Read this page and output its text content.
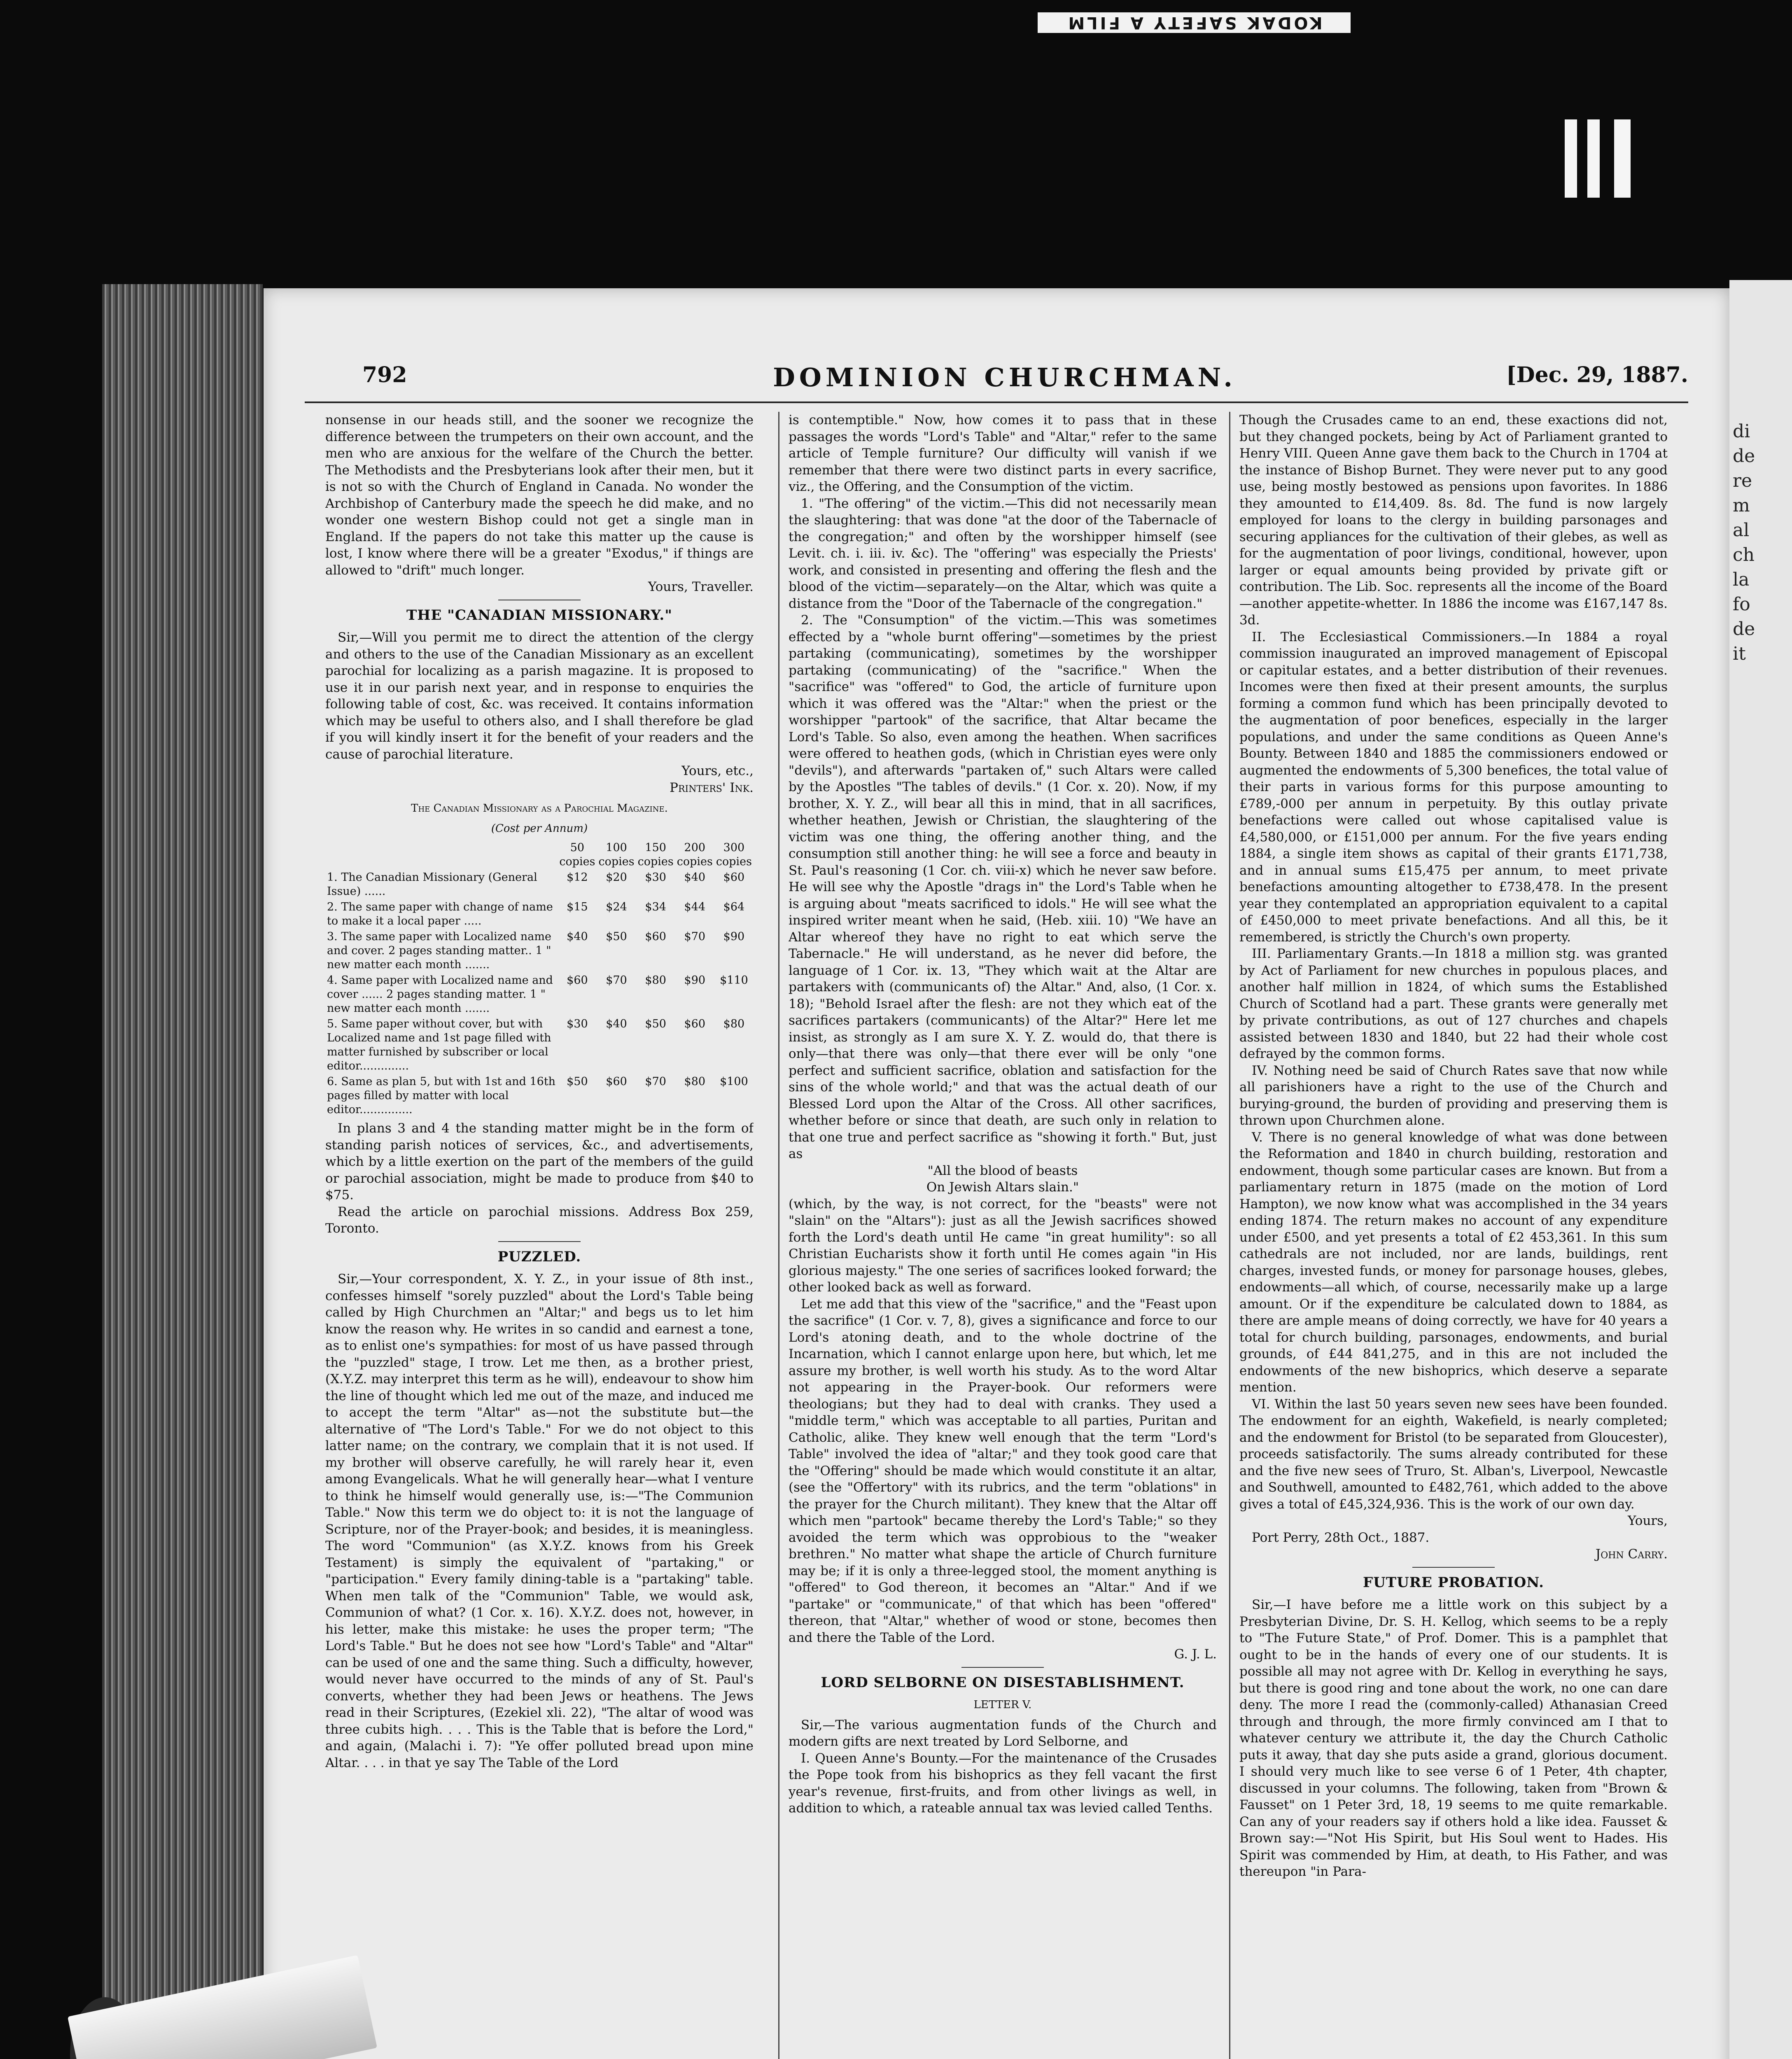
KODAK SAFETY A FILM
di
de
re
m
al
ch
la
fo
de
it
792	DOMINION CHURCHMAN.	[Dec. 29, 1887.

nonsense in our heads still, and the sooner we recognize the difference between the trumpeters on their own account, and the men who are anxious for the welfare of the Church the better. The Methodists and the Presbyterians look after their men, but it is not so with the Church of England in Canada. No wonder the Archbishop of Canterbury made the speech he did make, and no wonder one western Bishop could not get a single man in England. If the papers do not take this matter up the cause is lost, I know where there will be a greater "Exodus," if things are allowed to "drift" much longer.

Yours, Traveller.

THE "CANADIAN MISSIONARY."

Sir,—Will you permit me to direct the attention of the clergy and others to the use of the Canadian Missionary as an excellent parochial for localizing as a parish magazine. It is proposed to use it in our parish next year, and in response to enquiries the following table of cost, &c. was received. It contains information which may be useful to others also, and I shall therefore be glad if you will kindly insert it for the benefit of your readers and the cause of parochial literature.

Yours, etc.,

Printers' Ink.

The Canadian Missionary as a Parochial Magazine.

(Cost per Annum)

	50 copies	100 copies	150 copies	200 copies	300 copies
1. The Canadian Missionary (General Issue) ......	$12	$20	$30	$40	$60
2. The same paper with change of name to make it a local paper .....	$15	$24	$34	$44	$64
3. The same paper with Localized name and cover. 2 pages standing matter.. 1 " new matter each month .......	$40	$50	$60	$70	$90
4. Same paper with Localized name and cover ...... 2 pages standing matter. 1 " new matter each month .......	$60	$70	$80	$90	$110
5. Same paper without cover, but with Localized name and 1st page filled with matter furnished by subscriber or local editor..............	$30	$40	$50	$60	$80
6. Same as plan 5, but with 1st and 16th pages filled by matter with local editor...............	$50	$60	$70	$80	$100

In plans 3 and 4 the standing matter might be in the form of standing parish notices of services, &c., and advertisements, which by a little exertion on the part of the members of the guild or parochial association, might be made to produce from $40 to $75.

Read the article on parochial missions. Address Box 259, Toronto.

PUZZLED.

Sir,—Your correspondent, X. Y. Z., in your issue of 8th inst., confesses himself "sorely puzzled" about the Lord's Table being called by High Churchmen an "Altar;" and begs us to let him know the reason why. He writes in so candid and earnest a tone, as to enlist one's sympathies: for most of us have passed through the "puzzled" stage, I trow. Let me then, as a brother priest, (X.Y.Z. may interpret this term as he will), endeavour to show him the line of thought which led me out of the maze, and induced me to accept the term "Altar" as—not the substitute but—the alternative of "The Lord's Table." For we do not object to this latter name; on the contrary, we complain that it is not used. If my brother will observe carefully, he will rarely hear it, even among Evangelicals. What he will generally hear—what I venture to think he himself would generally use, is:—"The Communion Table." Now this term we do object to: it is not the language of Scripture, nor of the Prayer-book; and besides, it is meaningless. The word "Communion" (as X.Y.Z. knows from his Greek Testament) is simply the equivalent of "partaking," or "participation." Every family dining-table is a "partaking" table. When men talk of the "Communion" Table, we would ask, Communion of what? (1 Cor. x. 16). X.Y.Z. does not, however, in his letter, make this mistake: he uses the proper term; "The Lord's Table." But he does not see how "Lord's Table" and "Altar" can be used of one and the same thing. Such a difficulty, however, would never have occurred to the minds of any of St. Paul's converts, whether they had been Jews or heathens. The Jews read in their Scriptures, (Ezekiel xli. 22), "The altar of wood was three cubits high. . . . This is the Table that is before the Lord," and again, (Malachi i. 7): "Ye offer polluted bread upon mine Altar. . . . in that ye say The Table of the Lord

is contemptible." Now, how comes it to pass that in these passages the words "Lord's Table" and "Altar," refer to the same article of Temple furniture? Our difficulty will vanish if we remember that there were two distinct parts in every sacrifice, viz., the Offering, and the Consumption of the victim.

1. "The offering" of the victim.—This did not necessarily mean the slaughtering: that was done "at the door of the Tabernacle of the congregation;" and often by the worshipper himself (see Levit. ch. i. iii. iv. &c). The "offering" was especially the Priests' work, and consisted in presenting and offering the flesh and the blood of the victim—separately—on the Altar, which was quite a distance from the "Door of the Tabernacle of the congregation."

2. The "Consumption" of the victim.—This was sometimes effected by a "whole burnt offering"—sometimes by the priest partaking (communicating), sometimes by the worshipper partaking (communicating) of the "sacrifice." When the "sacrifice" was "offered" to God, the article of furniture upon which it was offered was the "Altar:" when the priest or the worshipper "partook" of the sacrifice, that Altar became the Lord's Table. So also, even among the heathen. When sacrifices were offered to heathen gods, (which in Christian eyes were only "devils"), and afterwards "partaken of," such Altars were called by the Apostles "The tables of devils." (1 Cor. x. 20). Now, if my brother, X. Y. Z., will bear all this in mind, that in all sacrifices, whether heathen, Jewish or Christian, the slaughtering of the victim was one thing, the offering another thing, and the consumption still another thing: he will see a force and beauty in St. Paul's reasoning (1 Cor. ch. viii-x) which he never saw before. He will see why the Apostle "drags in" the Lord's Table when he is arguing about "meats sacrificed to idols." He will see what the inspired writer meant when he said, (Heb. xiii. 10) "We have an Altar whereof they have no right to eat which serve the Tabernacle." He will understand, as he never did before, the language of 1 Cor. ix. 13, "They which wait at the Altar are partakers with (communicants of) the Altar." And, also, (1 Cor. x. 18); "Behold Israel after the flesh: are not they which eat of the sacrifices partakers (communicants) of the Altar?" Here let me insist, as strongly as I am sure X. Y. Z. would do, that there is only—that there was only—that there ever will be only "one perfect and sufficient sacrifice, oblation and satisfaction for the sins of the whole world;" and that was the actual death of our Blessed Lord upon the Altar of the Cross. All other sacrifices, whether before or since that death, are such only in relation to that one true and perfect sacrifice as "showing it forth." But, just as

"All the blood of beasts

On Jewish Altars slain."

(which, by the way, is not correct, for the "beasts" were not "slain" on the "Altars"): just as all the Jewish sacrifices showed forth the Lord's death until He came "in great humility": so all Christian Eucharists show it forth until He comes again "in His glorious majesty." The one series of sacrifices looked forward; the other looked back as well as forward.

Let me add that this view of the "sacrifice," and the "Feast upon the sacrifice" (1 Cor. v. 7, 8), gives a significance and force to our Lord's atoning death, and to the whole doctrine of the Incarnation, which I cannot enlarge upon here, but which, let me assure my brother, is well worth his study. As to the word Altar not appearing in the Prayer-book. Our reformers were theologians; but they had to deal with cranks. They used a "middle term," which was acceptable to all parties, Puritan and Catholic, alike. They knew well enough that the term "Lord's Table" involved the idea of "altar;" and they took good care that the "Offering" should be made which would constitute it an altar, (see the "Offertory" with its rubrics, and the term "oblations" in the prayer for the Church militant). They knew that the Altar off which men "partook" became thereby the Lord's Table;" so they avoided the term which was opprobious to the "weaker brethren." No matter what shape the article of Church furniture may be; if it is only a three-legged stool, the moment anything is "offered" to God thereon, it becomes an "Altar." And if we "partake" or "communicate," of that which has been "offered" thereon, that "Altar," whether of wood or stone, becomes then and there the Table of the Lord.

G. J. L.

LORD SELBORNE ON DISESTABLISHMENT.

LETTER V.

Sir,—The various augmentation funds of the Church and modern gifts are next treated by Lord Selborne, and

I. Queen Anne's Bounty.—For the maintenance of the Crusades the Pope took from his bishoprics as they fell vacant the first year's revenue, first-fruits, and from other livings as well, in addition to which, a rateable annual tax was levied called Tenths.

Though the Crusades came to an end, these exactions did not, but they changed pockets, being by Act of Parliament granted to Henry VIII. Queen Anne gave them back to the Church in 1704 at the instance of Bishop Burnet. They were never put to any good use, being mostly bestowed as pensions upon favorites. In 1886 they amounted to £14,409. 8s. 8d. The fund is now largely employed for loans to the clergy in building parsonages and securing appliances for the cultivation of their glebes, as well as for the augmentation of poor livings, conditional, however, upon larger or equal amounts being provided by private gift or contribution. The Lib. Soc. represents all the income of the Board—another appetite-whetter. In 1886 the income was £167,147 8s. 3d.

II. The Ecclesiastical Commissioners.—In 1884 a royal commission inaugurated an improved management of Episcopal or capitular estates, and a better distribution of their revenues. Incomes were then fixed at their present amounts, the surplus forming a common fund which has been principally devoted to the augmentation of poor benefices, especially in the larger populations, and under the same conditions as Queen Anne's Bounty. Between 1840 and 1885 the commissioners endowed or augmented the endowments of 5,300 benefices, the total value of their parts in various forms for this purpose amounting to £789,-000 per annum in perpetuity. By this outlay private benefactions were called out whose capitalised value is £4,580,000, or £151,000 per annum. For the five years ending 1884, a single item shows as capital of their grants £171,738, and in annual sums £15,475 per annum, to meet private benefactions amounting altogether to £738,478. In the present year they contemplated an appropriation equivalent to a capital of £450,000 to meet private benefactions. And all this, be it remembered, is strictly the Church's own property.

III. Parliamentary Grants.—In 1818 a million stg. was granted by Act of Parliament for new churches in populous places, and another half million in 1824, of which sums the Established Church of Scotland had a part. These grants were generally met by private contributions, as out of 127 churches and chapels assisted between 1830 and 1840, but 22 had their whole cost defrayed by the common forms.

IV. Nothing need be said of Church Rates save that now while all parishioners have a right to the use of the Church and burying-ground, the burden of providing and preserving them is thrown upon Churchmen alone.

V. There is no general knowledge of what was done between the Reformation and 1840 in church building, restoration and endowment, though some particular cases are known. But from a parliamentary return in 1875 (made on the motion of Lord Hampton), we now know what was accomplished in the 34 years ending 1874. The return makes no account of any expenditure under £500, and yet presents a total of £2 453,361. In this sum cathedrals are not included, nor are lands, buildings, rent charges, invested funds, or money for parsonage houses, glebes, endowments—all which, of course, necessarily make up a large amount. Or if the expenditure be calculated down to 1884, as there are ample means of doing correctly, we have for 40 years a total for church building, parsonages, endowments, and burial grounds, of £44 841,275, and in this are not included the endowments of the new bishoprics, which deserve a separate mention.

VI. Within the last 50 years seven new sees have been founded. The endowment for an eighth, Wakefield, is nearly completed; and the endowment for Bristol (to be separated from Gloucester), proceeds satisfactorily. The sums already contributed for these and the five new sees of Truro, St. Alban's, Liverpool, Newcastle and Southwell, amounted to £482,761, which added to the above gives a total of £45,324,936. This is the work of our own day.

Yours,

Port Perry, 28th Oct., 1887.

John Carry.

FUTURE PROBATION.

Sir,—I have before me a little work on this subject by a Presbyterian Divine, Dr. S. H. Kellog, which seems to be a reply to "The Future State," of Prof. Domer. This is a pamphlet that ought to be in the hands of every one of our students. It is possible all may not agree with Dr. Kellog in everything he says, but there is good ring and tone about the work, no one can dare deny. The more I read the (commonly-called) Athanasian Creed through and through, the more firmly convinced am I that to whatever century we attribute it, the day the Church Catholic puts it away, that day she puts aside a grand, glorious document. I should very much like to see verse 6 of 1 Peter, 4th chapter, discussed in your columns. The following, taken from "Brown & Fausset" on 1 Peter 3rd, 18, 19 seems to me quite remarkable. Can any of your readers say if others hold a like idea. Fausset & Brown say:—"Not His Spirit, but His Soul went to Hades. His Spirit was commended by Him, at death, to His Father, and was thereupon "in Para-
